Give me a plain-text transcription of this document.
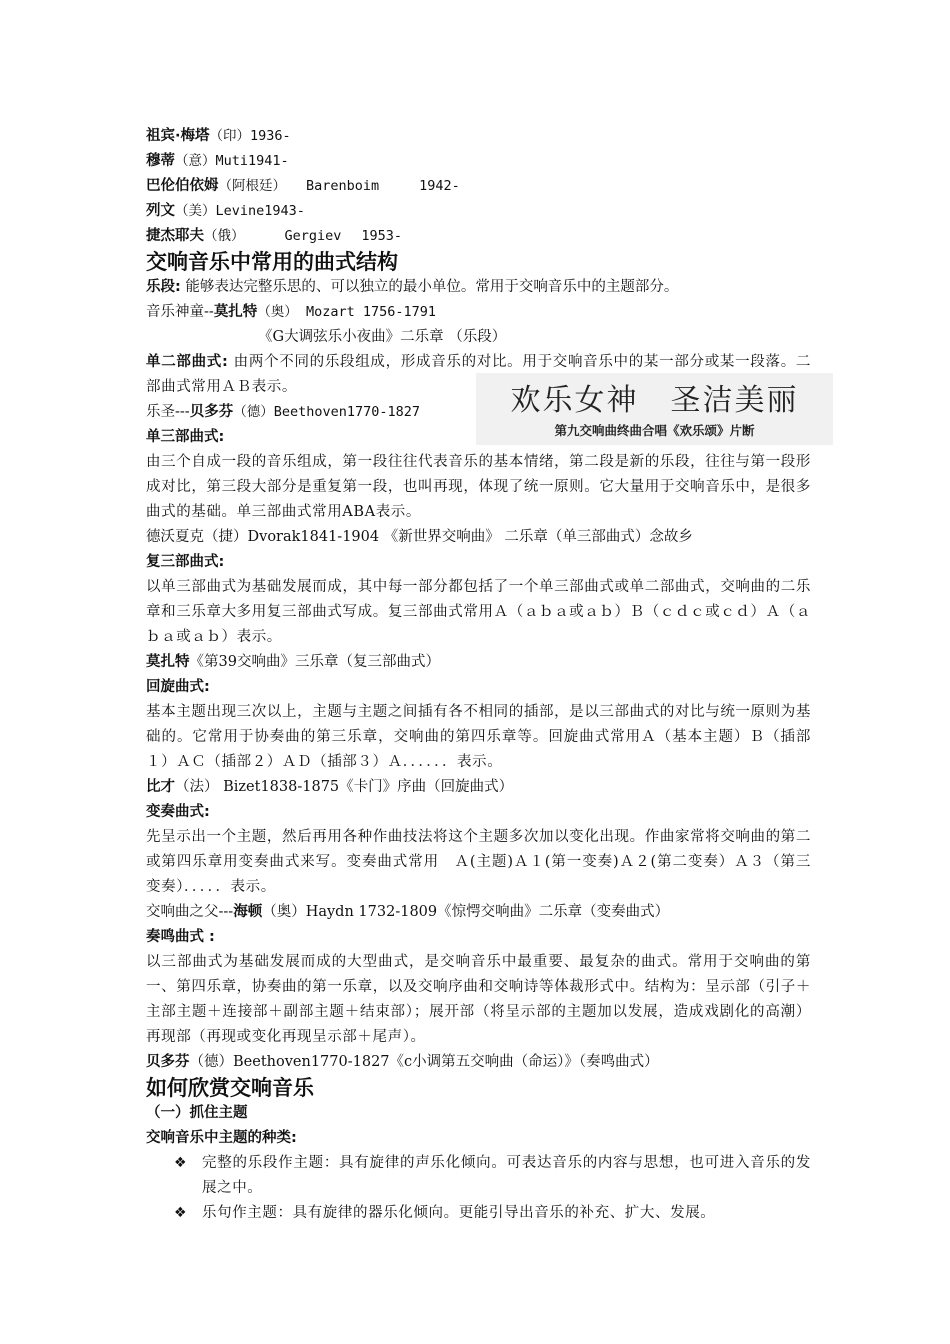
祖宾·梅塔（印）1936-
穆蒂（意）Muti1941-
巴伦伯依姆（阿根廷） Barenboim	1942-
列文（美）Levine1943-
捷杰耶夫（俄）	Gergiev 1953-
交响音乐中常用的曲式结构
乐段: 能够表达完整乐思的、可以独立的最小单位。常用于交响音乐中的主题部分。
音乐神童--莫扎特（奥） Mozart 1756-1791
《G大调弦乐小夜曲》二乐章 （乐段）
单二部曲式: 由两个不同的乐段组成，形成音乐的对比。用于交响音乐中的某一部分或某一段落。二部曲式常用ＡＢ表示。
乐圣---贝多芬（德）Beethoven1770-1827
单三部曲式:
由三个自成一段的音乐组成，第一段往往代表音乐的基本情绪，第二段是新的乐段，往往与第一段形成对比，第三段大部分是重复第一段，也叫再现，体现了统一原则。它大量用于交响音乐中，是很多曲式的基础。单三部曲式常用ABA表示。
德沃夏克（捷）Dvorak1841-1904 《新世界交响曲》 二乐章（单三部曲式）念故乡
复三部曲式:
以单三部曲式为基础发展而成，其中每一部分都包括了一个单三部曲式或单二部曲式，交响曲的二乐章和三乐章大多用复三部曲式写成。复三部曲式常用Ａ（ａｂａ或ａｂ）Ｂ（ｃｄｃ或ｃｄ）Ａ（ａｂａ或ａｂ）表示。
莫扎特《第39交响曲》三乐章（复三部曲式）
回旋曲式:
基本主题出现三次以上，主题与主题之间插有各不相同的插部，是以三部曲式的对比与统一原则为基础的。它常用于协奏曲的第三乐章，交响曲的第四乐章等。回旋曲式常用Ａ（基本主题）Ｂ（插部１）ＡＣ（插部２）ＡＤ（插部３）Ａ．．．．．．表示。
比才（法） Bizet1838-1875《卡门》序曲（回旋曲式）
变奏曲式:
先呈示出一个主题，然后再用各种作曲技法将这个主题多次加以变化出现。作曲家常将交响曲的第二或第四乐章用变奏曲式来写。变奏曲式常用　Ａ(主题)Ａ１(第一变奏)Ａ２(第二变奏）Ａ３（第三变奏）．．．．．表示。
交响曲之父---海顿（奥）Haydn 1732-1809《惊愕交响曲》二乐章（变奏曲式）
奏鸣曲式 :
以三部曲式为基础发展而成的大型曲式，是交响音乐中最重要、最复杂的曲式。常用于交响曲的第一、第四乐章，协奏曲的第一乐章，以及交响序曲和交响诗等体裁形式中。结构为：呈示部（引子＋主部主题＋连接部＋副部主题＋结束部）；展开部（将呈示部的主题加以发展，造成戏剧化的高潮）再现部（再现或变化再现呈示部＋尾声）。
贝多芬（德）Beethoven1770-1827《c小调第五交响曲（命运）》（奏鸣曲式）
如何欣赏交响音乐
（一）抓住主题
交响音乐中主题的种类:
❖ 完整的乐段作主题：具有旋律的声乐化倾向。可表达音乐的内容与思想，也可进入音乐的发展之中。
❖ 乐句作主题：具有旋律的器乐化倾向。更能引导出音乐的补充、扩大、发展。
欢乐女神　圣洁美丽
第九交响曲终曲合唱《欢乐颂》片断
